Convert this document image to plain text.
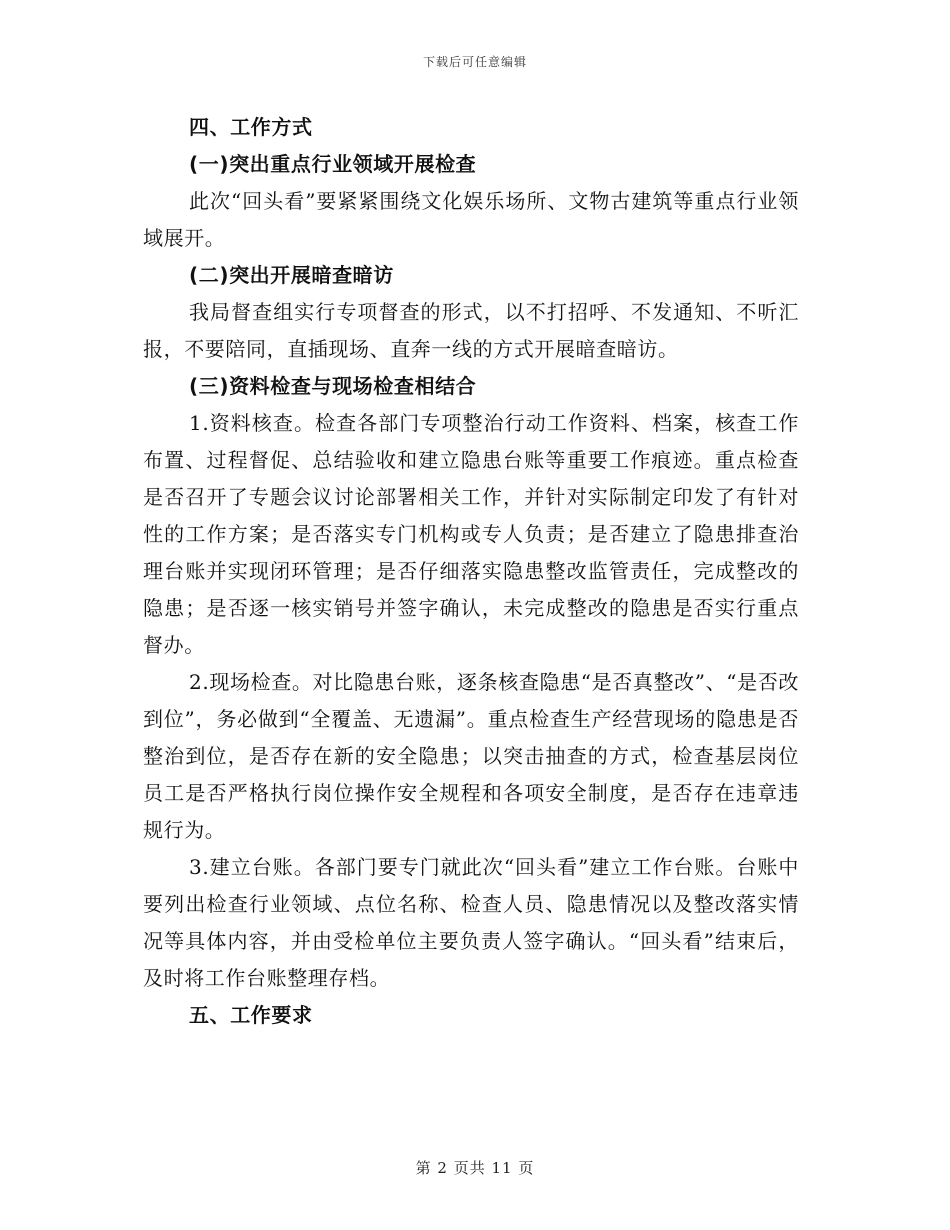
下载后可任意编辑
四、工作方式
(一)突出重点行业领域开展检查
此次“回头看”要紧紧围绕文化娱乐场所、文物古建筑等重点行业领域展开。
(二)突出开展暗查暗访
我局督查组实行专项督查的形式，以不打招呼、不发通知、不听汇报，不要陪同，直插现场、直奔一线的方式开展暗查暗访。
(三)资料检查与现场检查相结合
1.资料核查。检查各部门专项整治行动工作资料、档案，核查工作布置、过程督促、总结验收和建立隐患台账等重要工作痕迹。重点检查是否召开了专题会议讨论部署相关工作，并针对实际制定印发了有针对性的工作方案；是否落实专门机构或专人负责；是否建立了隐患排查治理台账并实现闭环管理；是否仔细落实隐患整改监管责任，完成整改的隐患；是否逐一核实销号并签字确认，未完成整改的隐患是否实行重点督办。
2.现场检查。对比隐患台账，逐条核查隐患“是否真整改”、“是否改到位”，务必做到“全覆盖、无遗漏”。重点检查生产经营现场的隐患是否整治到位，是否存在新的安全隐患；以突击抽查的方式，检查基层岗位员工是否严格执行岗位操作安全规程和各项安全制度，是否存在违章违规行为。
3.建立台账。各部门要专门就此次“回头看”建立工作台账。台账中要列出检查行业领域、点位名称、检查人员、隐患情况以及整改落实情况等具体内容，并由受检单位主要负责人签字确认。“回头看”结束后，及时将工作台账整理存档。
五、工作要求
第 2 页共 11 页
